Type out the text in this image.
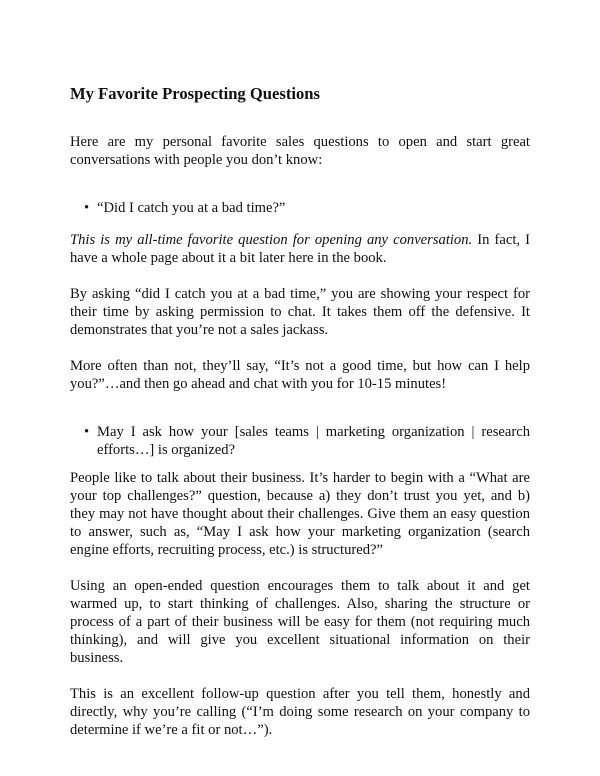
My Favorite Prospecting Questions

Here are my personal favorite sales questions to open and start great conversations with people you don’t know:

• “Did I catch you at a bad time?”

This is my all-time favorite question for opening any conversation. In fact, I have a whole page about it a bit later here in the book.

By asking “did I catch you at a bad time,” you are showing your respect for their time by asking permission to chat. It takes them off the defensive. It demonstrates that you’re not a sales jackass.

More often than not, they’ll say, “It’s not a good time, but how can I help you?”…and then go ahead and chat with you for 10-15 minutes!

• May I ask how your [sales teams | marketing organization | research efforts…] is organized?

People like to talk about their business. It’s harder to begin with a “What are your top challenges?” question, because a) they don’t trust you yet, and b) they may not have thought about their challenges. Give them an easy question to answer, such as, “May I ask how your marketing organization (search engine efforts, recruiting process, etc.) is structured?”

Using an open-ended question encourages them to talk about it and get warmed up, to start thinking of challenges. Also, sharing the structure or process of a part of their business will be easy for them (not requiring much thinking), and will give you excellent situational information on their business.

This is an excellent follow-up question after you tell them, honestly and directly, why you’re calling (“I’m doing some research on your company to determine if we’re a fit or not…”).
